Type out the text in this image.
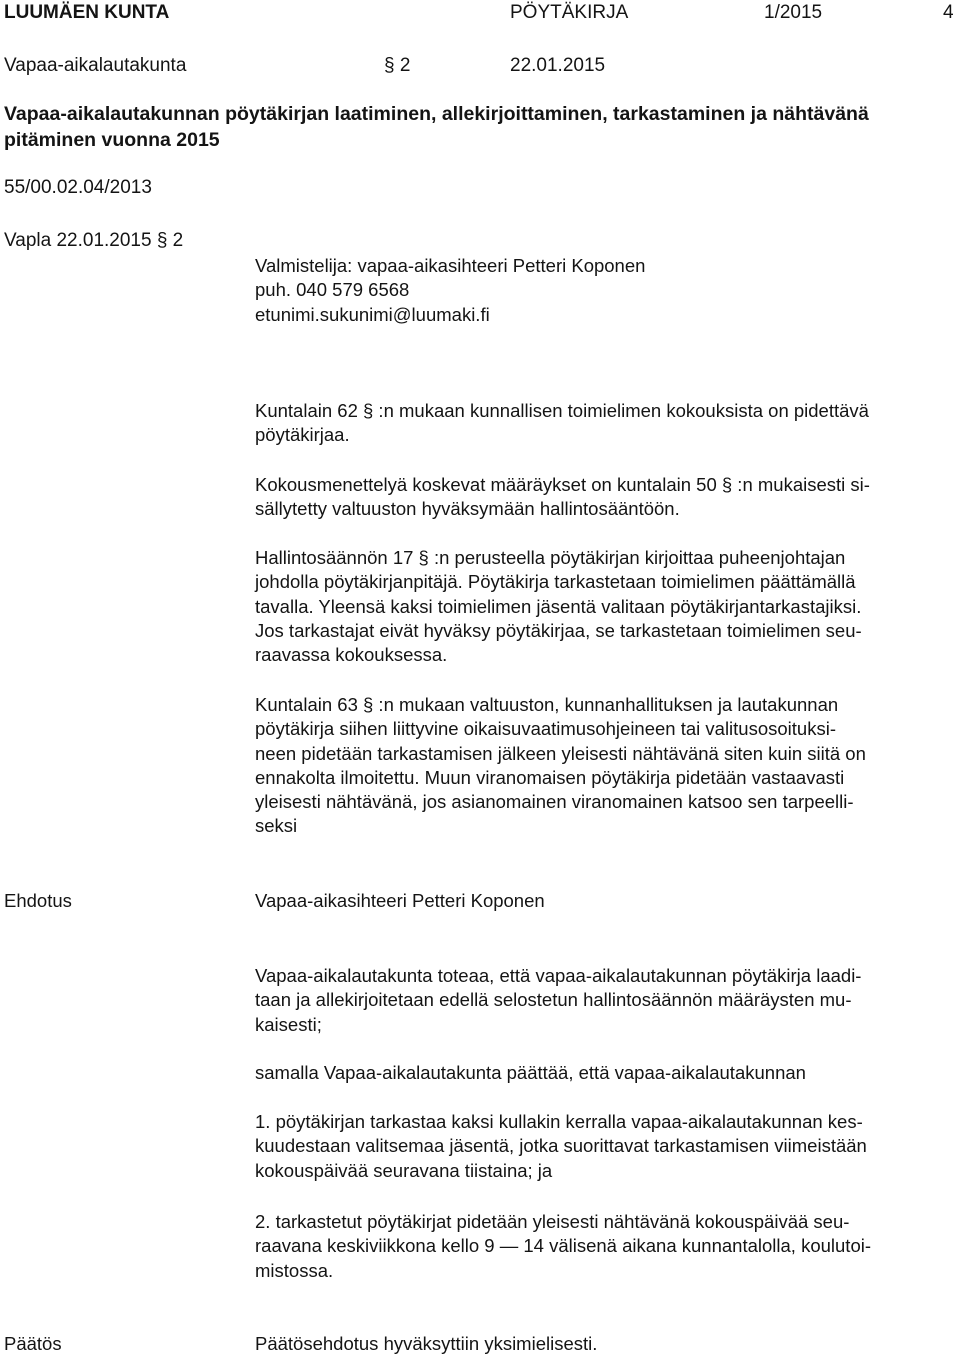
LUUMÄEN KUNTA	PÖYTÄKIRJA	1/2015	4
Vapaa-aikalautakunta	§ 2	22.01.2015
Vapaa-aikalautakunnan pöytäkirjan laatiminen, allekirjoittaminen, tarkastaminen ja nähtävänä
pitäminen vuonna 2015
55/00.02.04/2013
Vapla 22.01.2015 § 2
Valmistelija: vapaa-aikasihteeri Petteri Koponen
puh. 040 579 6568
etunimi.sukunimi@luumaki.fi
Kuntalain 62 § :n mukaan kunnallisen toimielimen kokouksista on pidettävä
pöytäkirjaa.
Kokousmenettelyä koskevat määräykset on kuntalain 50 § :n mukaisesti si-
sällytetty valtuuston hyväksymään hallintosääntöön.
Hallintosäännön 17 § :n perusteella pöytäkirjan kirjoittaa puheenjohtajan
johdolla pöytäkirjanpitäjä. Pöytäkirja tarkastetaan toimielimen päättämällä
tavalla. Yleensä kaksi toimielimen jäsentä valitaan pöytäkirjantarkastajiksi.
Jos tarkastajat eivät hyväksy pöytäkirjaa, se tarkastetaan toimielimen seu-
raavassa kokouksessa.
Kuntalain 63 § :n mukaan valtuuston, kunnanhallituksen ja lautakunnan
pöytäkirja siihen liittyvine oikaisuvaatimusohjeineen tai valitusosoituksi-
neen pidetään tarkastamisen jälkeen yleisesti nähtävänä siten kuin siitä on
ennakolta ilmoitettu. Muun viranomaisen pöytäkirja pidetään vastaavasti
yleisesti nähtävänä, jos asianomainen viranomainen katsoo sen tarpeelli-
seksi
Ehdotus	Vapaa-aikasihteeri Petteri Koponen
Vapaa-aikalautakunta toteaa, että vapaa-aikalautakunnan pöytäkirja laadi-
taan ja allekirjoitetaan edellä selostetun hallintosäännön määräysten mu-
kaisesti;
samalla Vapaa-aikalautakunta päättää, että vapaa-aikalautakunnan
1. pöytäkirjan tarkastaa kaksi kullakin kerralla vapaa-aikalautakunnan kes-
kuudestaan valitsemaa jäsentä, jotka suorittavat tarkastamisen viimeistään
kokouspäivää seuravana tiistaina; ja
2. tarkastetut pöytäkirjat pidetään yleisesti nähtävänä kokouspäivää seu-
raavana keskiviikkona kello 9 — 14 välisenä aikana kunnantalolla, koulutoi-
mistossa.
Päätös	Päätösehdotus hyväksyttiin yksimielisesti.
